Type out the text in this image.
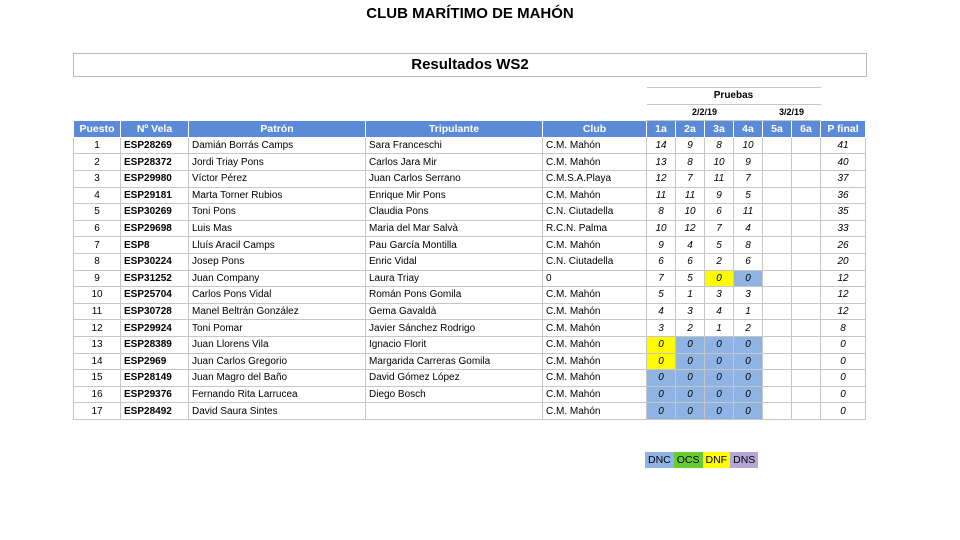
CLUB MARÍTIMO DE MAHÓN
Resultados WS2
					Pruebas						
					2/2/19				3/2/19		
Puesto	Nº Vela	Patrón	Tripulante	Club	1a	2a	3a	4a	5a	6a	P final
1	ESP28269	Damián Borrás Camps	Sara Franceschi	C.M. Mahón	14	9	8	10			41
2	ESP28372	Jordi Triay Pons	Carlos Jara Mir	C.M. Mahón	13	8	10	9			40
3	ESP29980	Víctor Pérez	Juan Carlos Serrano	C.M.S.A.Playa	12	7	11	7			37
4	ESP29181	Marta Torner Rubios	Enrique Mir Pons	C.M. Mahón	11	11	9	5			36
5	ESP30269	Toni Pons	Claudia Pons	C.N. Ciutadella	8	10	6	11			35
6	ESP29698	Luis Mas	Maria del Mar Salvà	R.C.N. Palma	10	12	7	4			33
7	ESP8	Lluís Aracil Camps	Pau García Montilla	C.M. Mahón	9	4	5	8			26
8	ESP30224	Josep Pons	Enric Vidal	C.N. Ciutadella	6	6	2	6			20
9	ESP31252	Juan Company	Laura Triay	0	7	5	0	0			12
10	ESP25704	Carlos Pons Vidal	Román Pons Gomila	C.M. Mahón	5	1	3	3			12
11	ESP30728	Manel Beltrán González	Gema Gavaldà	C.M. Mahón	4	3	4	1			12
12	ESP29924	Toni Pomar	Javier Sánchez Rodrigo	C.M. Mahón	3	2	1	2			8
13	ESP28389	Juan Llorens Vila	Ignacio Florit	C.M. Mahón	0	0	0	0			0
14	ESP2969	Juan Carlos Gregorio	Margarida Carreras Gomila	C.M. Mahón	0	0	0	0			0
15	ESP28149	Juan Magro del Baño	David Gómez López	C.M. Mahón	0	0	0	0			0
16	ESP29376	Fernando Rita Larrucea	Diego Bosch	C.M. Mahón	0	0	0	0			0
17	ESP28492	David Saura Sintes		C.M. Mahón	0	0	0	0			0
DNC OCS DNF DNS
